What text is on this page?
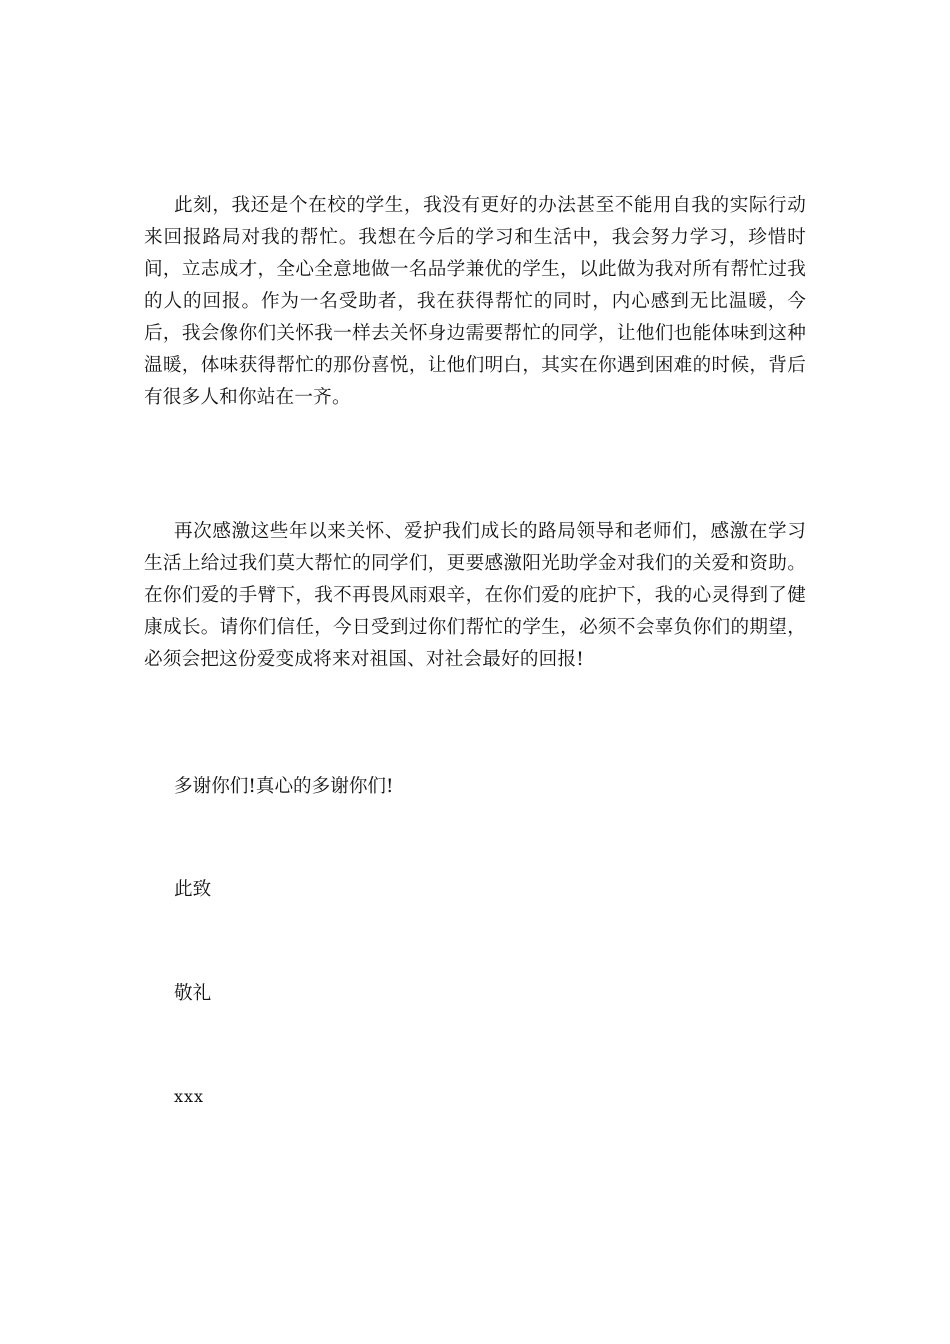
此刻，我还是个在校的学生，我没有更好的办法甚至不能用自我的实际行动来回报路局对我的帮忙。我想在今后的学习和生活中，我会努力学习，珍惜时间，立志成才，全心全意地做一名品学兼优的学生，以此做为我对所有帮忙过我的人的回报。作为一名受助者，我在获得帮忙的同时，内心感到无比温暖，今后，我会像你们关怀我一样去关怀身边需要帮忙的同学，让他们也能体味到这种温暖，体味获得帮忙的那份喜悦，让他们明白，其实在你遇到困难的时候，背后有很多人和你站在一齐。

再次感激这些年以来关怀、爱护我们成长的路局领导和老师们，感激在学习生活上给过我们莫大帮忙的同学们，更要感激阳光助学金对我们的关爱和资助。在你们爱的手臂下，我不再畏风雨艰辛，在你们爱的庇护下，我的心灵得到了健康成长。请你们信任，今日受到过你们帮忙的学生，必须不会辜负你们的期望，必须会把这份爱变成将来对祖国、对社会最好的回报!

多谢你们!真心的多谢你们!

此致

敬礼

xxx
